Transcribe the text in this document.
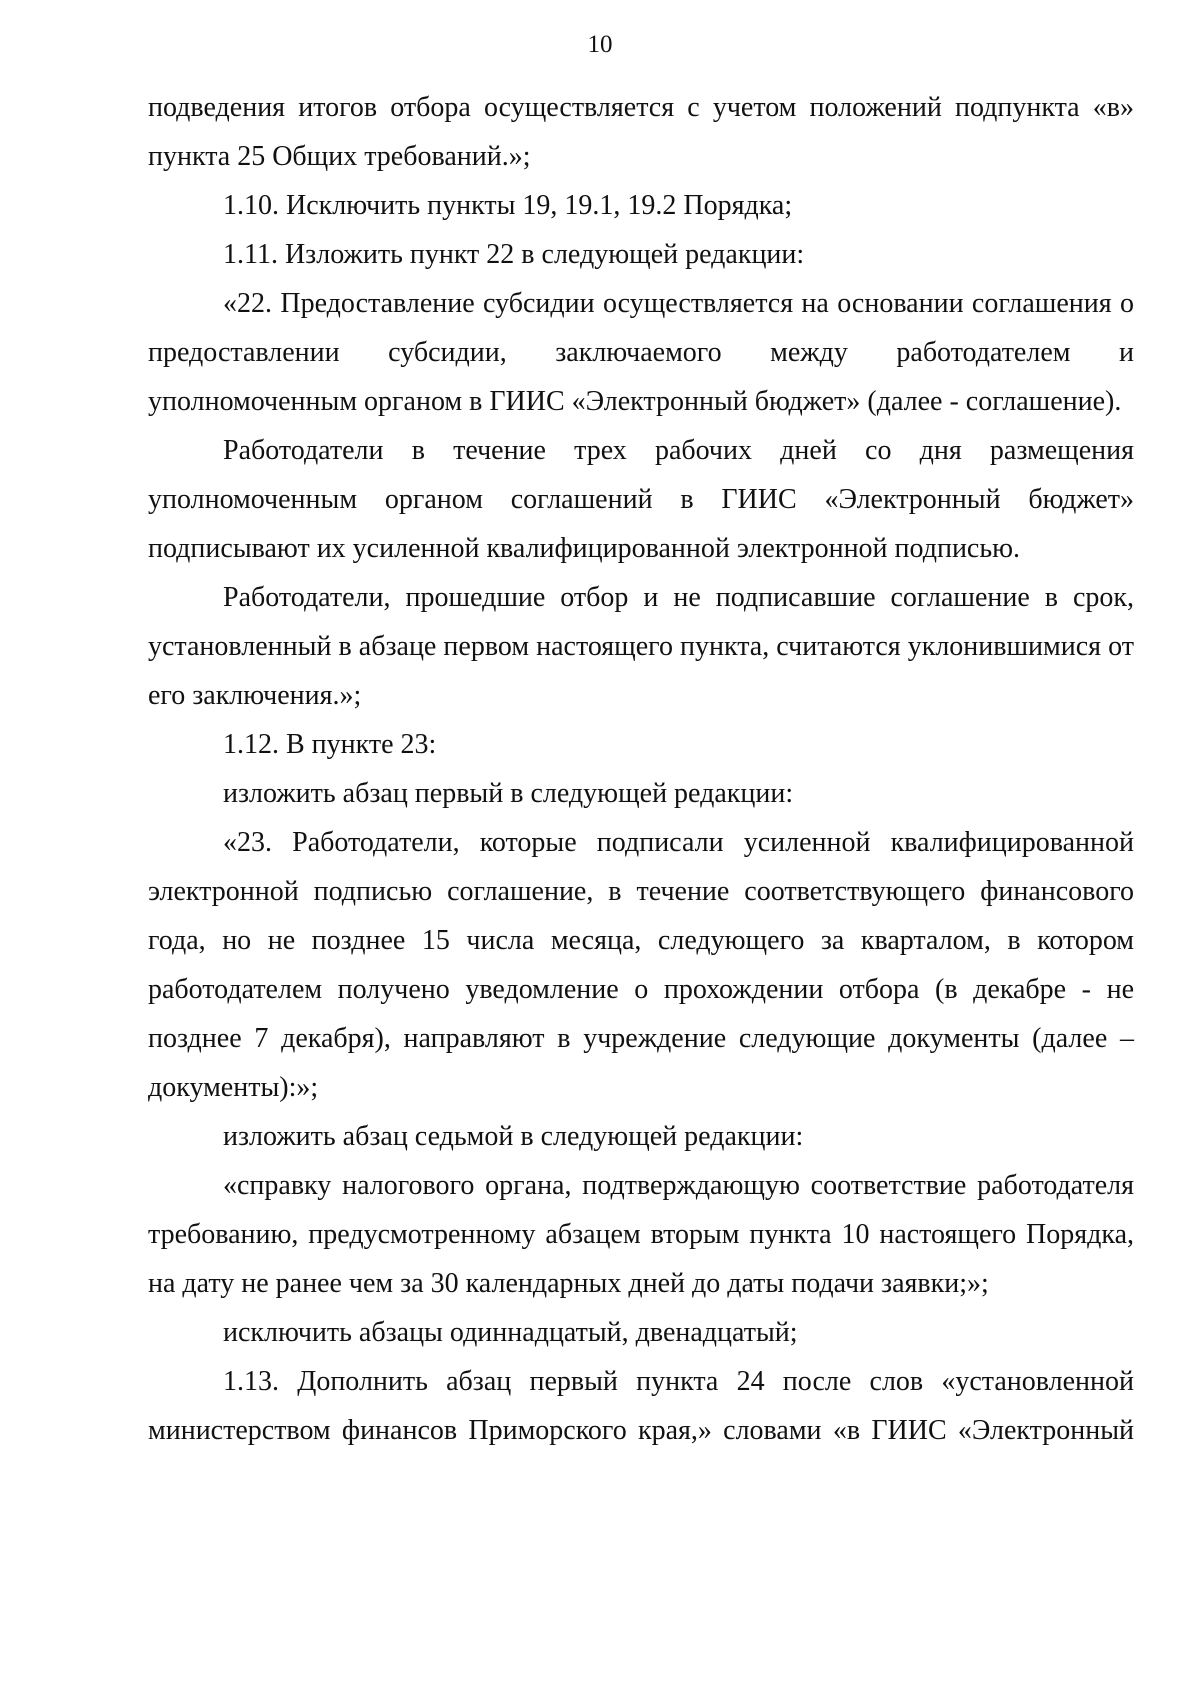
10

подведения итогов отбора осуществляется с учетом положений подпункта «в» пункта 25 Общих требований.»;

1.10. Исключить пункты 19, 19.1, 19.2 Порядка;

1.11. Изложить пункт 22 в следующей редакции:

«22. Предоставление субсидии осуществляется на основании соглашения о предоставлении субсидии, заключаемого между работодателем и уполномоченным органом в ГИИС «Электронный бюджет» (далее - соглашение).

Работодатели в течение трех рабочих дней со дня размещения уполномоченным органом соглашений в ГИИС «Электронный бюджет» подписывают их усиленной квалифицированной электронной подписью.

Работодатели, прошедшие отбор и не подписавшие соглашение в срок, установленный в абзаце первом настоящего пункта, считаются уклонившимися от его заключения.»;

1.12. В пункте 23:

изложить абзац первый в следующей редакции:

«23. Работодатели, которые подписали усиленной квалифицированной электронной подписью соглашение, в течение соответствующего финансового года, но не позднее 15 числа месяца, следующего за кварталом, в котором работодателем получено уведомление о прохождении отбора (в декабре - не позднее 7 декабря), направляют в учреждение следующие документы (далее – документы):»;

изложить абзац седьмой в следующей редакции:

«справку налогового органа, подтверждающую соответствие работодателя требованию, предусмотренному абзацем вторым пункта 10 настоящего Порядка, на дату не ранее чем за 30 календарных дней до даты подачи заявки;»;

исключить абзацы одиннадцатый, двенадцатый;

1.13. Дополнить абзац первый пункта 24 после слов «установленной министерством финансов Приморского края,» словами «в ГИИС «Электронный
